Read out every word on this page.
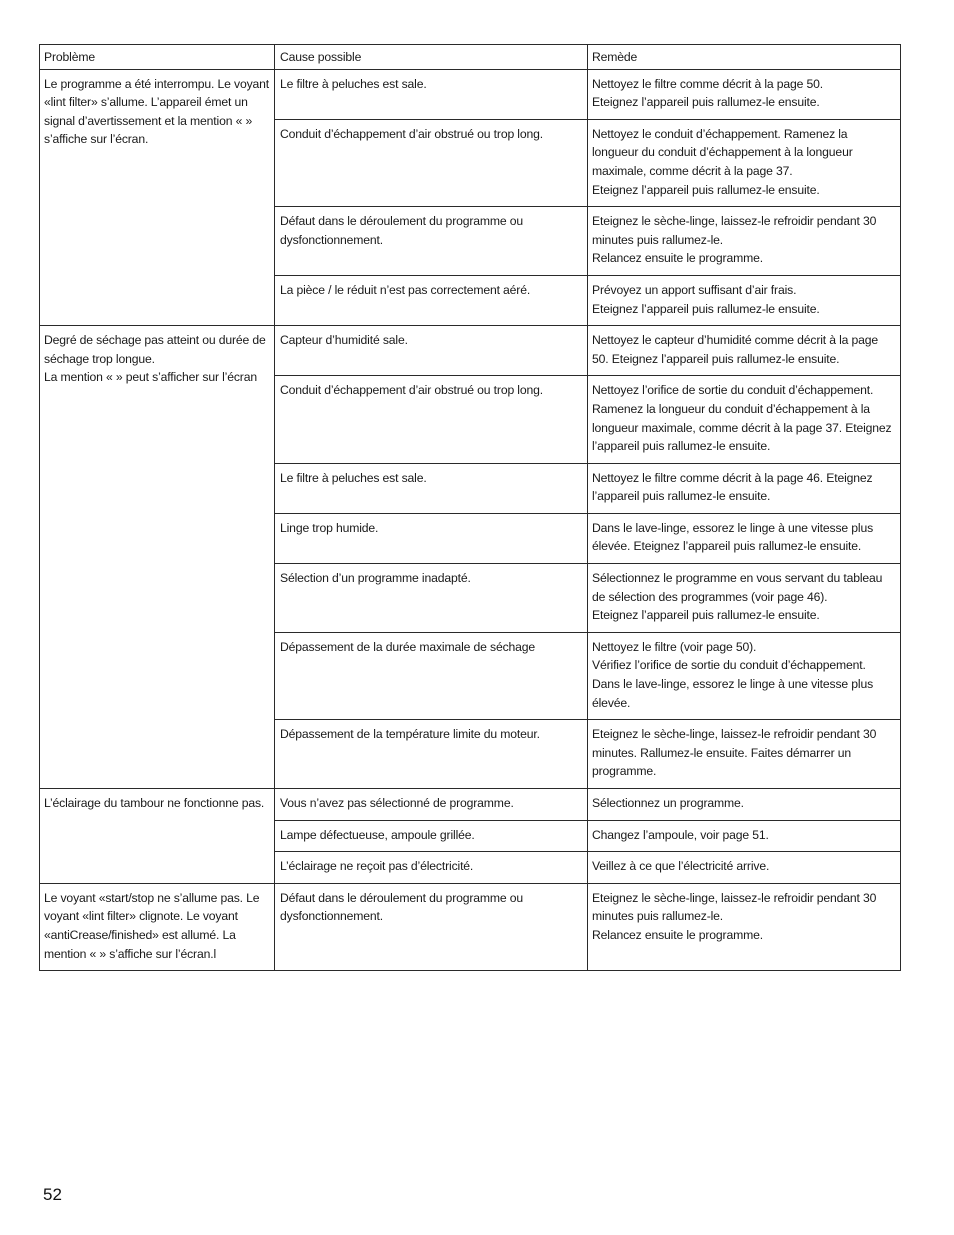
Problème	Cause possible	Remède
Le programme a été interrompu. Le voyant «lint filter» s’allume. L’appareil émet un signal d’avertissement et la mention « » s’affiche sur l’écran.	Le filtre à peluches est sale.	Nettoyez le filtre comme décrit à la page 50.
Eteignez l’appareil puis rallumez-le ensuite.

	Conduit d’échappement d’air obstrué ou trop long.	Nettoyez le conduit d’échappement. Ramenez la longueur du conduit d’échappement à la longueur maximale, comme décrit à la page 37.
Eteignez l’appareil puis rallumez-le ensuite.

	Défaut dans le déroulement du programme ou dysfonctionnement.	Eteignez le sèche-linge, laissez-le refroidir pendant 30 minutes puis rallumez-le.
Relancez ensuite le programme.

	La pièce / le réduit n’est pas correctement aéré.	Prévoyez un apport suffisant d’air frais.
Eteignez l’appareil puis rallumez-le ensuite.

Degré de séchage pas atteint ou durée de séchage trop longue.
La mention « » peut s’afficher sur l’écran	Capteur d’humidité sale.	Nettoyez le capteur d’humidité comme décrit à la page 50. Eteignez l’appareil puis rallumez-le ensuite.

	Conduit d’échappement d’air obstrué ou trop long.	Nettoyez l’orifice de sortie du conduit d’échappement. Ramenez la longueur du conduit d’échappement à la longueur maximale, comme décrit à la page 37. Eteignez l’appareil puis rallumez-le ensuite.

	Le filtre à peluches est sale.	Nettoyez le filtre comme décrit à la page 46. Eteignez l’appareil puis rallumez-le ensuite.

	Linge trop humide.	Dans le lave-linge, essorez le linge à une vitesse plus élevée. Eteignez l’appareil puis rallumez-le ensuite.

	Sélection d’un programme inadapté.	Sélectionnez le programme en vous servant du tableau de sélection des programmes (voir page 46).
Eteignez l’appareil puis rallumez-le ensuite.

	Dépassement de la durée maximale de séchage	Nettoyez le filtre (voir page 50).
Vérifiez l’orifice de sortie du conduit d’échappement.
Dans le lave-linge, essorez le linge à une vitesse plus élevée.

	Dépassement de la température limite du moteur.	Eteignez le sèche-linge, laissez-le refroidir pendant 30 minutes. Rallumez-le ensuite. Faites démarrer un programme.

L’éclairage du tambour ne fonctionne pas.	Vous n’avez pas sélectionné de programme.	Sélectionnez un programme.

	Lampe défectueuse, ampoule grillée.	Changez l’ampoule, voir page 51.

	L’éclairage ne reçoit pas d’électricité.	Veillez à ce que l’électricité arrive.

Le voyant «start/stop ne s’allume pas. Le voyant «lint filter» clignote. Le voyant «antiCrease/finished» est allumé. La mention « » s’affiche sur l’écran.l	Défaut dans le déroulement du programme ou dysfonctionnement.	Eteignez le sèche-linge, laissez-le refroidir pendant 30 minutes puis rallumez-le.
Relancez ensuite le programme.
52
